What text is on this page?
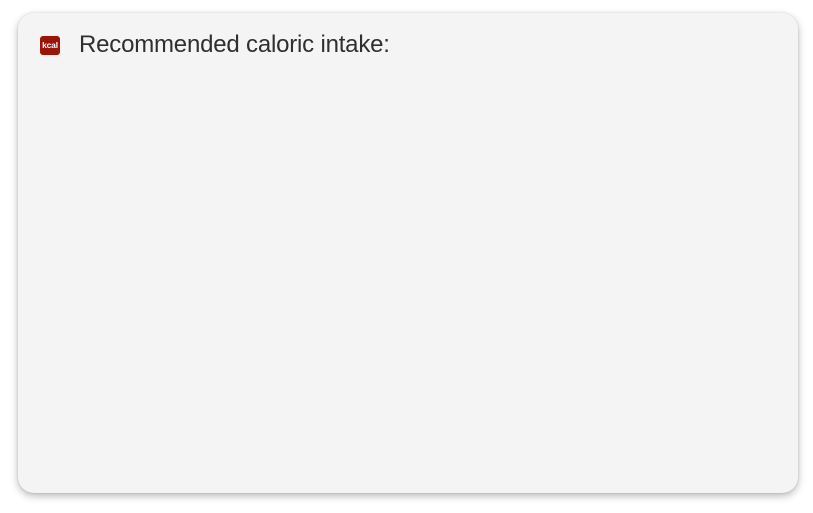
kcal Recommended caloric intake:
